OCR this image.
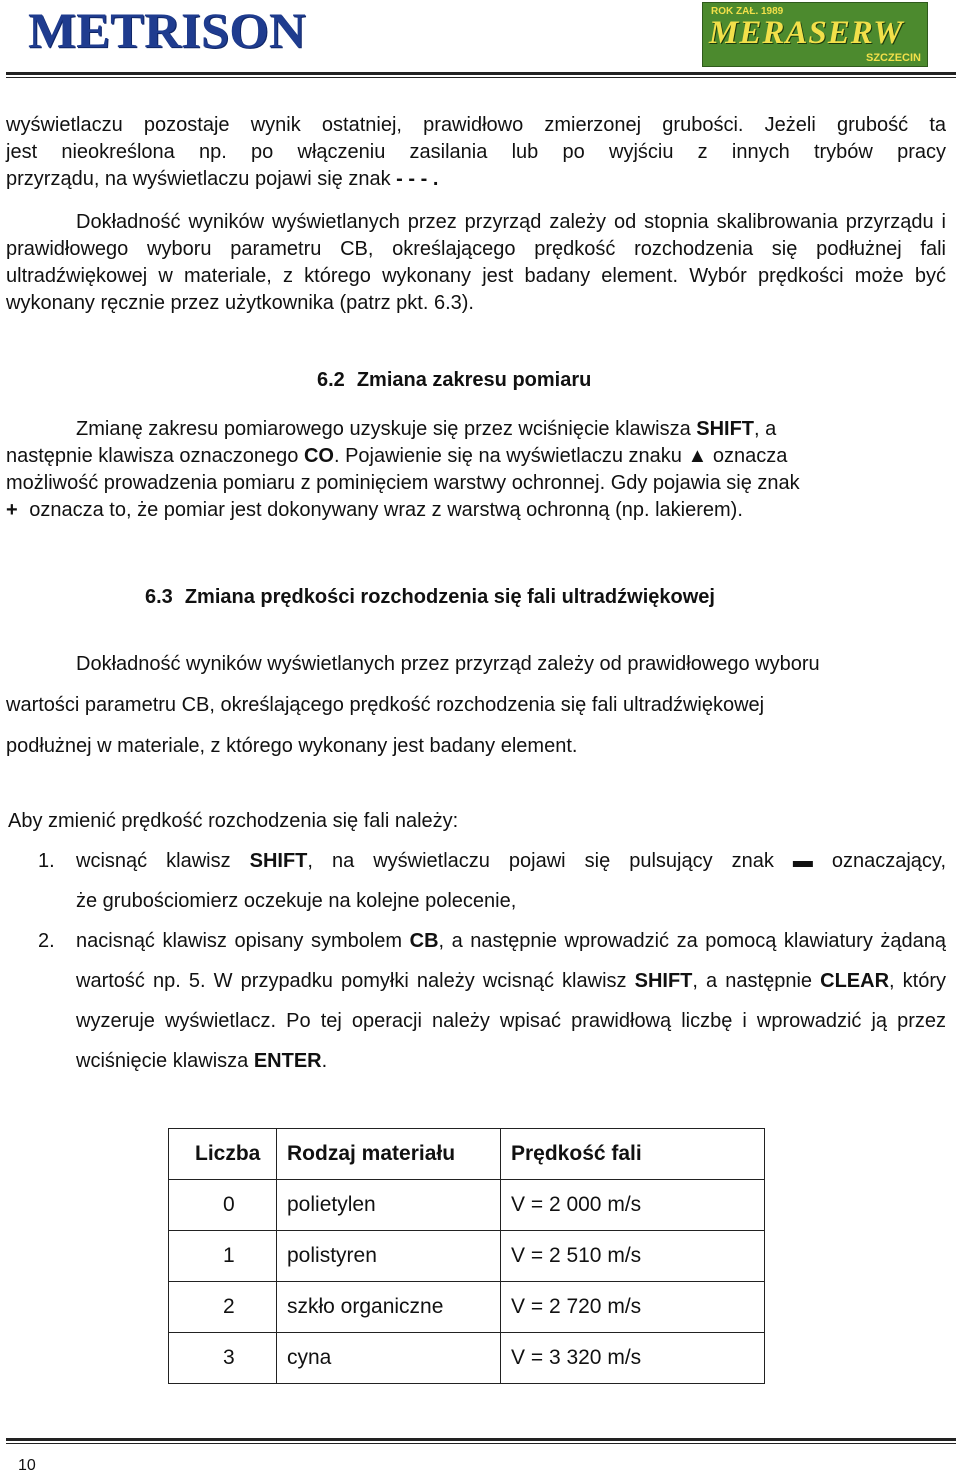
METRISON	ROK ZAŁ. 1989
MERASERW
SZCZECIN
wyświetlaczu pozostaje wynik ostatniej, prawidłowo zmierzonej grubości. Jeżeli grubość ta
jest nieokreślona np. po włączeniu zasilania lub po wyjściu z innych trybów pracy
przyrządu, na wyświetlaczu pojawi się znak - - - .
Dokładność wyników wyświetlanych przez przyrząd zależy od stopnia skalibrowania przyrządu i prawidłowego wyboru parametru CB, określającego prędkość rozchodzenia się podłużnej fali ultradźwiękowej w materiale, z którego wykonany jest badany element. Wybór prędkości może być wykonany ręcznie przez użytkownika (patrz pkt. 6.3).
6.2 Zmiana zakresu pomiaru
Zmianę zakresu pomiarowego uzyskuje się przez wciśnięcie klawisza SHIFT, a
następnie klawisza oznaczonego CO. Pojawienie się na wyświetlaczu znaku ▲ oznacza
możliwość prowadzenia pomiaru z pominięciem warstwy ochronnej. Gdy pojawia się znak
+ oznacza to, że pomiar jest dokonywany wraz z warstwą ochronną (np. lakierem).
6.3 Zmiana prędkości rozchodzenia się fali ultradźwiękowej
Dokładność wyników wyświetlanych przez przyrząd zależy od prawidłowego wyboru
wartości parametru CB, określającego prędkość rozchodzenia się fali ultradźwiękowej
podłużnej w materiale, z którego wykonany jest badany element.
Aby zmienić prędkość rozchodzenia się fali należy:
1. wcisnąć klawisz SHIFT, na wyświetlaczu pojawi się pulsujący znak ▬ oznaczający,
że grubościomierz oczekuje na kolejne polecenie,
2. nacisnąć klawisz opisany symbolem CB, a następnie wprowadzić za pomocą klawiatury żądaną wartość np. 5. W przypadku pomyłki należy wcisnąć klawisz SHIFT, a następnie CLEAR, który wyzeruje wyświetlacz. Po tej operacji należy wpisać prawidłową liczbę i wprowadzić ją przez wciśnięcie klawisza ENTER.
Liczba	Rodzaj materiału	Prędkość fali
0	polietylen	V = 2 000 m/s
1	polistyren	V = 2 510 m/s
2	szkło organiczne	V = 2 720 m/s
3	cyna	V = 3 320 m/s
10
